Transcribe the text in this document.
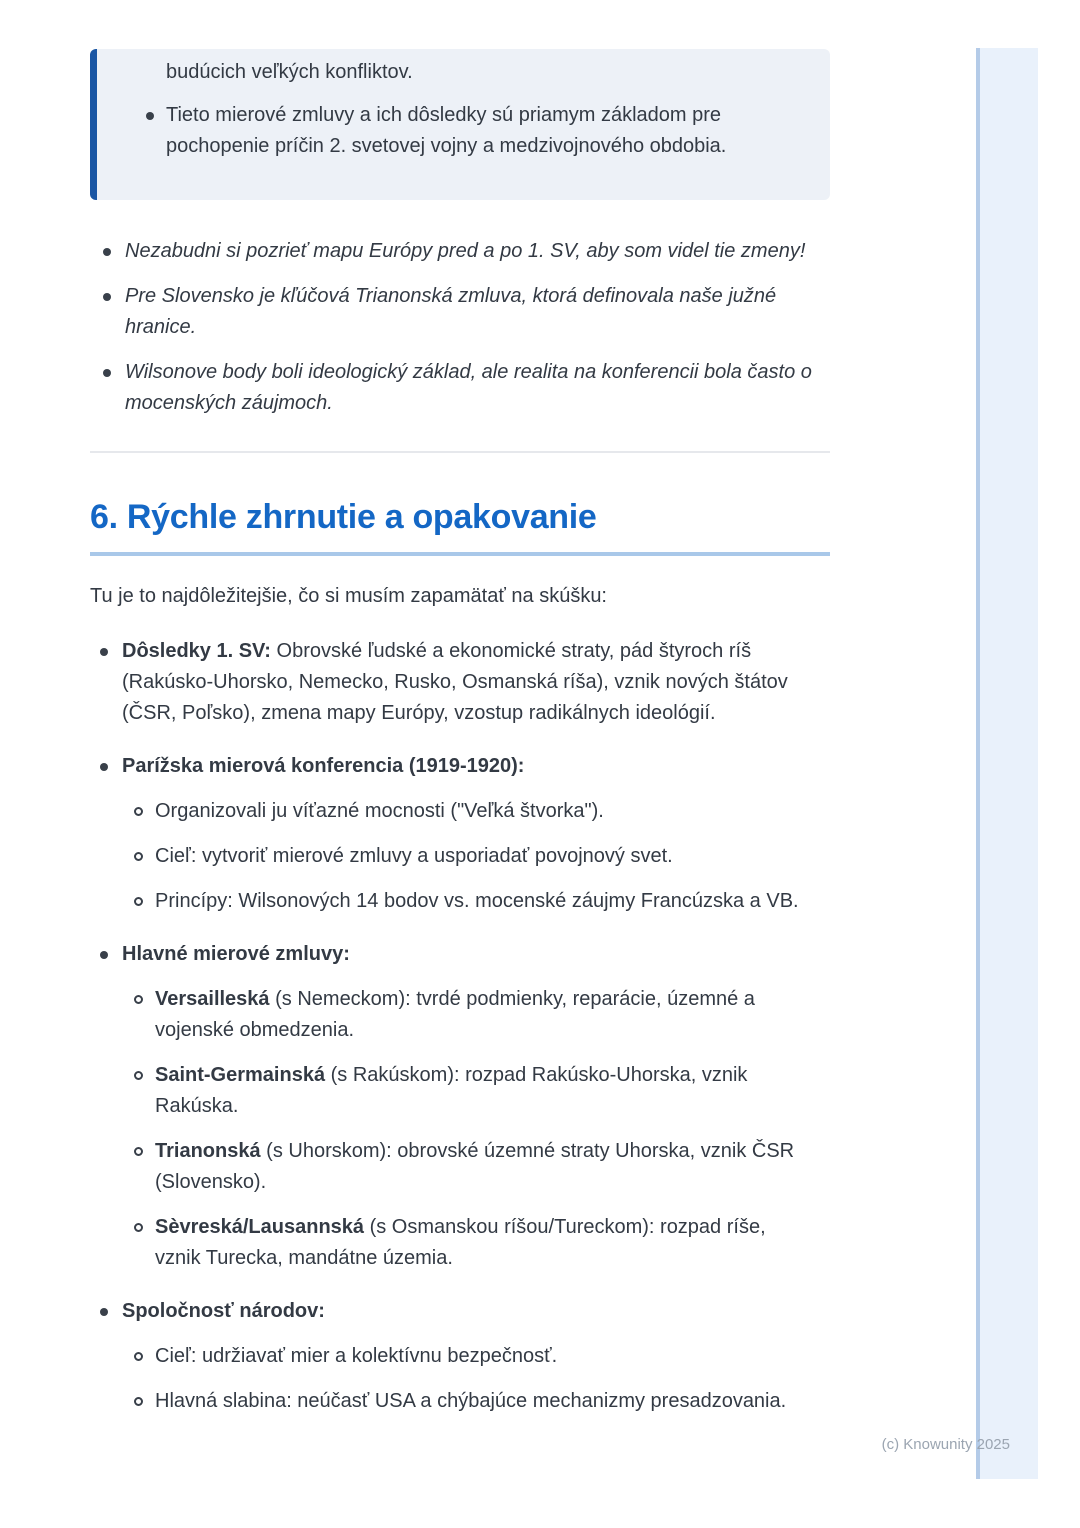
(c) Knowunity 2025
budúcich veľkých konfliktov.
Tieto mierové zmluvy a ich dôsledky sú priamym základom pre pochopenie príčin 2. svetovej vojny a medzivojnového obdobia.
Nezabudni si pozrieť mapu Európy pred a po 1. SV, aby som videl tie zmeny!
Pre Slovensko je kľúčová Trianonská zmluva, ktorá definovala naše južné hranice.
Wilsonove body boli ideologický základ, ale realita na konferencii bola často o mocenských záujmoch.
6. Rýchle zhrnutie a opakovanie

Tu je to najdôležitejšie, čo si musím zapamätať na skúšku:

Dôsledky 1. SV: Obrovské ľudské a ekonomické straty, pád štyroch ríš (Rakúsko-Uhorsko, Nemecko, Rusko, Osmanská ríša), vznik nových štátov (ČSR, Poľsko), zmena mapy Európy, vzostup radikálnych ideológií.
Parížska mierová konferencia (1919-1920):
Organizovali ju víťazné mocnosti ("Veľká štvorka").
Cieľ: vytvoriť mierové zmluvy a usporiadať povojnový svet.
Princípy: Wilsonových 14 bodov vs. mocenské záujmy Francúzska a VB.
Hlavné mierové zmluvy:
Versailleská (s Nemeckom): tvrdé podmienky, reparácie, územné a vojenské obmedzenia.
Saint-Germainská (s Rakúskom): rozpad Rakúsko-Uhorska, vznik Rakúska.
Trianonská (s Uhorskom): obrovské územné straty Uhorska, vznik ČSR (Slovensko).
Sèvreská/Lausannská (s Osmanskou ríšou/Tureckom): rozpad ríše, vznik Turecka, mandátne územia.
Spoločnosť národov:
Cieľ: udržiavať mier a kolektívnu bezpečnosť.
Hlavná slabina: neúčasť USA a chýbajúce mechanizmy presadzovania.
